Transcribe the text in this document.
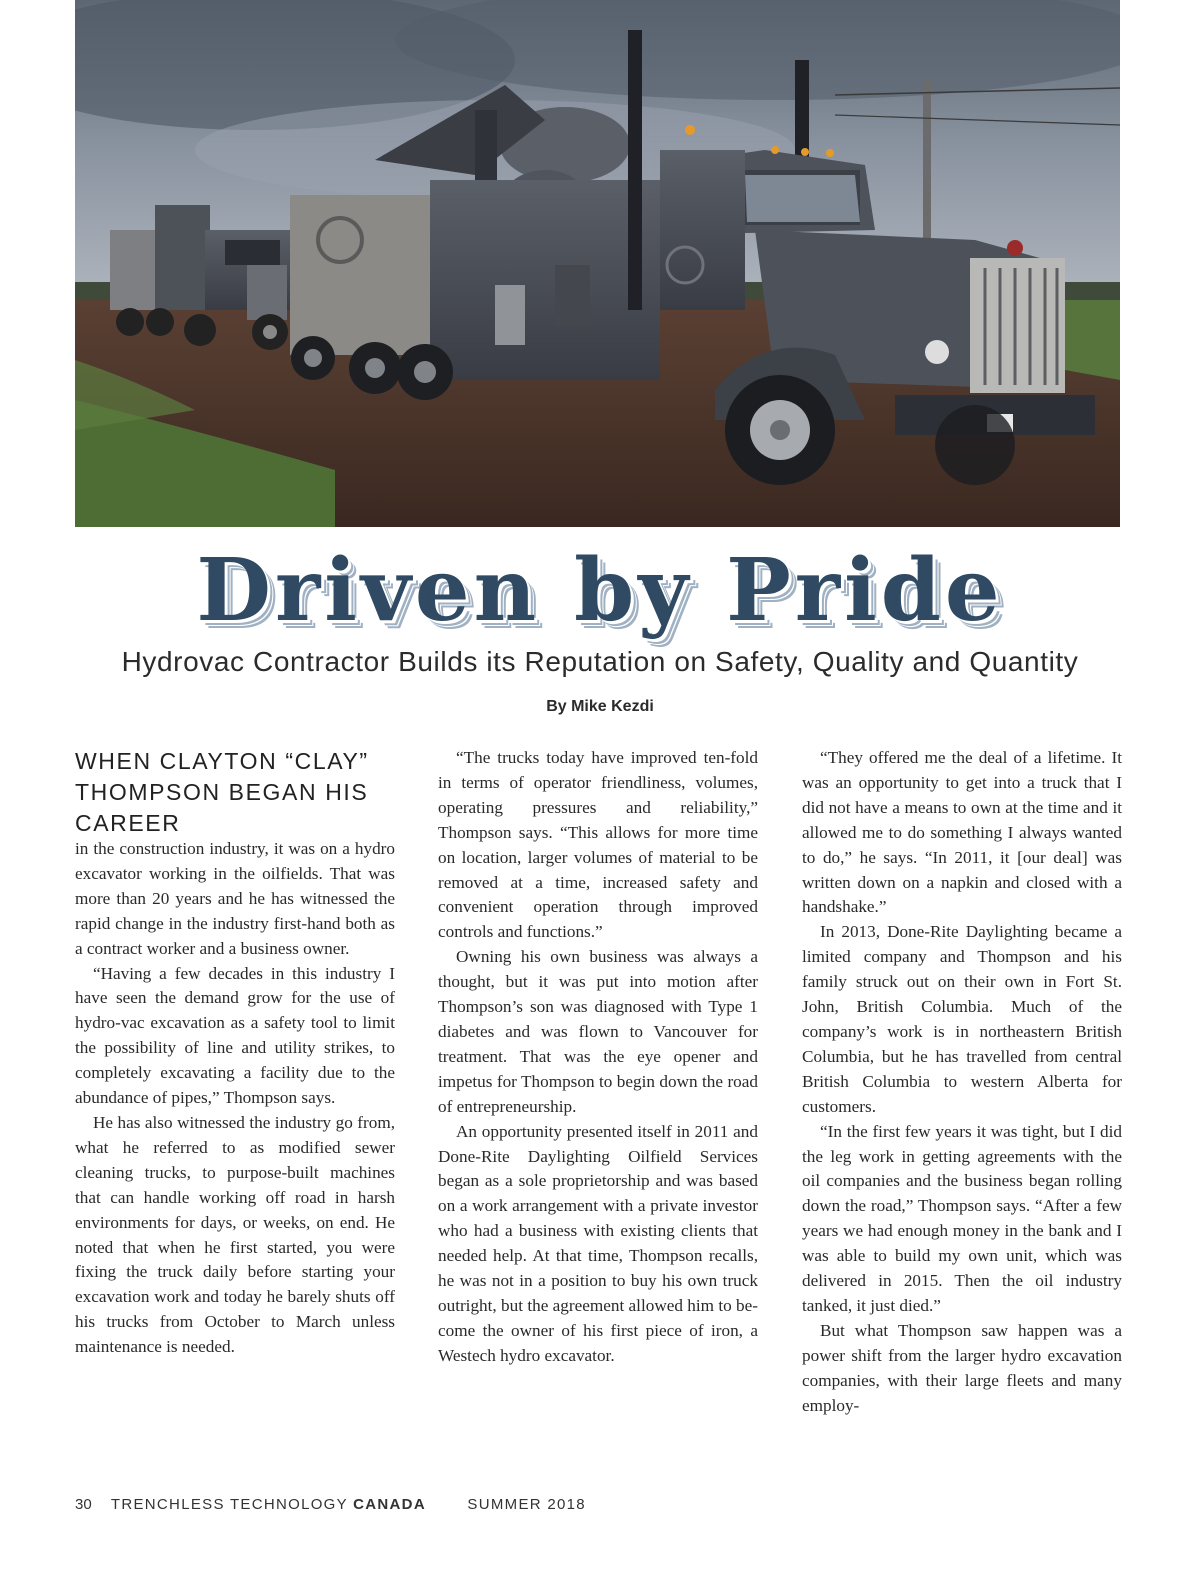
Driven by Pride
Hydrovac Contractor Builds its Reputation on Safety, Quality and Quantity
By Mike Kezdi
WHEN CLAYTON “CLAY” THOMPSON BEGAN HIS CAREER

in the construction industry, it was on a hydro excavator working in the oilfields. That was more than 20 years and he has witnessed the rapid change in the industry first-hand both as a contract worker and a business owner.

“Having a few decades in this industry I have seen the demand grow for the use of hydro-vac excavation as a safety tool to limit the possibility of line and utility strikes, to completely excavating a facility due to the abundance of pipes,” Thompson says.

He has also witnessed the industry go from, what he referred to as modified sewer cleaning trucks, to purpose-built machines that can handle working off road in harsh environments for days, or weeks, on end. He noted that when he first started, you were fixing the truck daily before starting your excavation work and today he barely shuts off his trucks from October to March unless maintenance is needed.

“The trucks today have improved ten-fold in terms of operator friendliness, volumes, operating pressures and reliability,” Thompson says. “This allows for more time on location, larger volumes of material to be removed at a time, increased safety and convenient operation through improved controls and functions.”

Owning his own business was always a thought, but it was put into motion after Thompson’s son was diagnosed with Type 1 diabetes and was flown to Vancouver for treatment. That was the eye opener and impetus for Thompson to begin down the road of entrepreneurship.

An opportunity presented itself in 2011 and Done-Rite Daylighting Oilfield Services began as a sole proprietorship and was based on a work arrangement with a private investor who had a business with existing clients that needed help. At that time, Thompson recalls, he was not in a position to buy his own truck outright, but the agreement allowed him to become the owner of his first piece of iron, a Westech hydro excavator.

“They offered me the deal of a lifetime. It was an opportunity to get into a truck that I did not have a means to own at the time and it allowed me to do something I always wanted to do,” he says. “In 2011, it [our deal] was written down on a napkin and closed with a handshake.”

In 2013, Done-Rite Daylighting became a limited company and Thompson and his family struck out on their own in Fort St. John, British Columbia. Much of the company’s work is in northeastern British Columbia, but he has travelled from central British Columbia to western Alberta for customers.

“In the first few years it was tight, but I did the leg work in getting agreements with the oil companies and the business began rolling down the road,” Thompson says. “After a few years we had enough money in the bank and I was able to build my own unit, which was delivered in 2015. Then the oil industry tanked, it just died.”

But what Thompson saw happen was a power shift from the larger hydro excavation companies, with their large fleets and many employ-

30 TRENCHLESS TECHNOLOGY CANADA	SUMMER 2018
